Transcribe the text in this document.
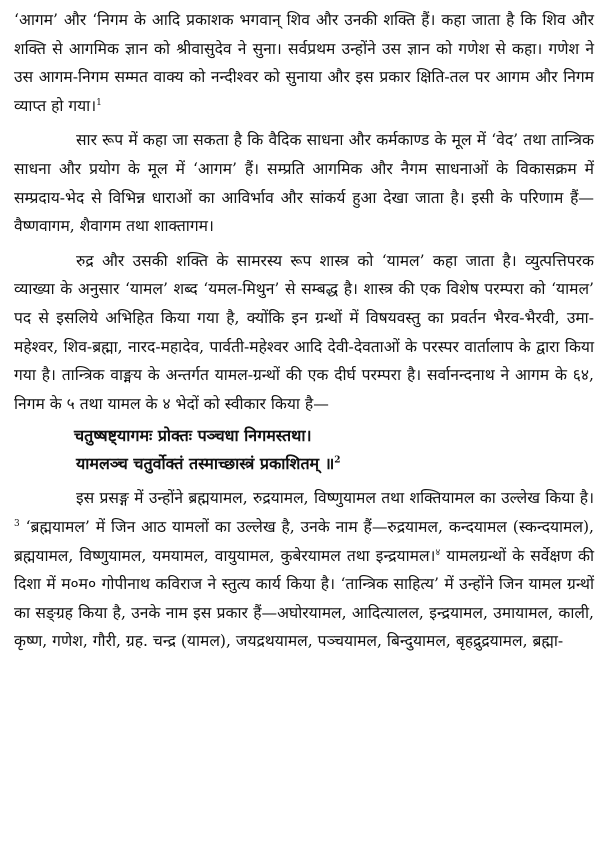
‘आगम’ और ‘निगम के आदि प्रकाशक भगवान् शिव और उनकी शक्ति हैं। कहा जाता है कि शिव और शक्ति से आगमिक ज्ञान को श्रीवासुदेव ने सुना। सर्वप्रथम उन्होंने उस ज्ञान को गणेश से कहा। गणेश ने उस आगम-निगम सम्मत वाक्य को नन्दीश्वर को सुनाया और इस प्रकार क्षिति-तल पर आगम और निगम व्याप्त हो गया।$^1$

सार रूप में कहा जा सकता है कि वैदिक साधना और कर्मकाण्ड के मूल में ‘वेद’ तथा तान्त्रिक साधना और प्रयोग के मूल में ‘आगम’ हैं। सम्प्रति आगमिक और नैगम साधनाओं के विकासक्रम में सम्प्रदाय-भेद से विभिन्न धाराओं का आविर्भाव और सांकर्य हुआ देखा जाता है। इसी के परिणाम हैं—वैष्णवागम, शैवागम तथा शाक्तागम।

रुद्र और उसकी शक्ति के सामरस्य रूप शास्त्र को ‘यामल’ कहा जाता है। व्युत्पत्तिपरक व्याख्या के अनुसार ‘यामल’ शब्द ‘यमल-मिथुन’ से सम्बद्ध है। शास्त्र की एक विशेष परम्परा को ‘यामल’ पद से इसलिये अभिहित किया गया है, क्योंकि इन ग्रन्थों में विषयवस्तु का प्रवर्तन भैरव-भैरवी, उमा-महेश्वर, शिव-ब्रह्मा, नारद-महादेव, पार्वती-महेश्वर आदि देवी-देवताओं के परस्पर वार्तालाप के द्वारा किया गया है। तान्त्रिक वाङ्मय के अन्तर्गत यामल-ग्रन्थों की एक दीर्घ परम्परा है। सर्वानन्दनाथ ने आगम के ६४, निगम के ५ तथा यामल के ४ भेदों को स्वीकार किया है—

चतुष्षष्ट्यागमः प्रोक्तः पञ्चधा निगमस्तथा।
यामलञ्च चतुर्वोक्तं तस्माच्छास्त्रं प्रकाशितम् ॥$^2$

इस प्रसङ्ग में उन्होंने ब्रह्मयामल, रुद्रयामल, विष्णुयामल तथा शक्तियामल का उल्लेख किया है।$^3$ ‘ब्रह्मयामल’ में जिन आठ यामलों का उल्लेख है, उनके नाम हैं—रुद्रयामल, कन्दयामल (स्कन्दयामल), ब्रह्मयामल, विष्णुयामल, यमयामल, वायुयामल, कुबेरयामल तथा इन्द्रयामल।$^४$ यामलग्रन्थों के सर्वेक्षण की दिशा में म०म० गोपीनाथ कविराज ने स्तुत्य कार्य किया है। ‘तान्त्रिक साहित्य’ में उन्होंने जिन यामल ग्रन्थों का सङ्ग्रह किया है, उनके नाम इस प्रकार हैं—अघोरयामल, आदित्यालल, इन्द्रयामल, उमायामल, काली, कृष्ण, गणेश, गौरी, ग्रह. चन्द्र (यामल), जयद्रथयामल, पञ्चयामल, बिन्दुयामल, बृहद्रुद्रयामल, ब्रह्मा-
